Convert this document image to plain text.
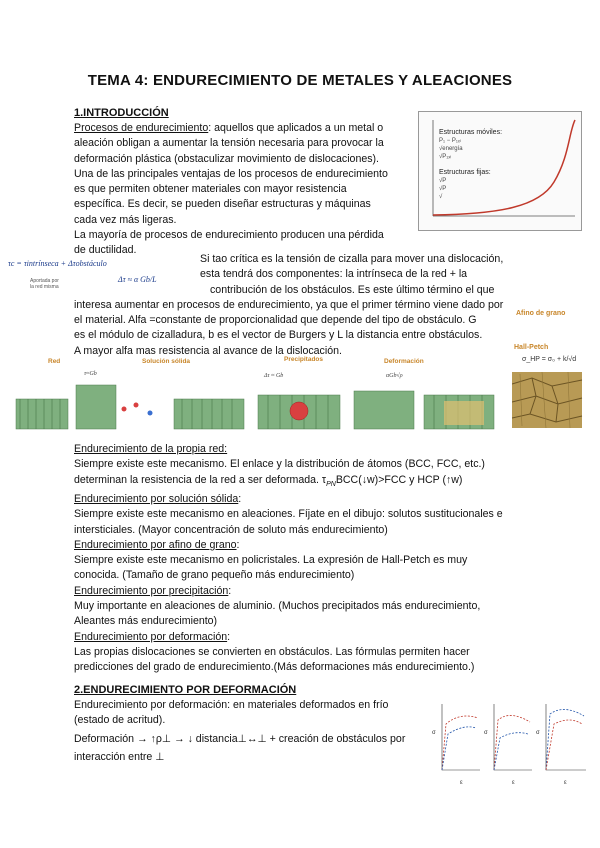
TEMA 4: ENDURECIMIENTO DE METALES Y ALEACIONES
1.INTRODUCCIÓN
Procesos de endurecimiento: aquellos que aplicados a un metal o
aleación obligan a aumentar la tensión necesaria para provocar la
deformación plástica (obstaculizar movimiento de dislocaciones).
Una de las principales ventajas de los procesos de endurecimiento
es que permiten obtener materiales con mayor resistencia
específica. Es decir, se pueden diseñar estructuras y máquinas
cada vez más ligeras.
La mayoría de procesos de endurecimiento producen una pérdida
de ductilidad.
Estructuras móviles:
P₁ − P₁ₓₗ
√energía
√P₁ₓₗ
Estructuras fijas:
√P
√P
√
τc = τintrínseca + Δτobstáculo
Δτ ≈ α Gb/L
Aportada por
la red misma
Si tao crítica es la tensión de cizalla para mover una dislocación,
esta tendrá dos componentes: la intrínseca de la red + la
contribución de los obstáculos. Es este último término el que
interesa aumentar en procesos de endurecimiento, ya que el primer término viene dado por
el material. Alfa =constante de proporcionalidad que depende del tipo de obstáculo. G
es el módulo de cizalladura, b es el vector de Burgers y L la distancia entre obstáculos.
A mayor alfa mas resistencia al avance de la dislocación.
Afino de grano
Hall-Petch
σ_HP = σ₀ + k/√d
Red	Solución sólida	Precipitados	Deformación
Δτ ≈ Gb	αGb√ρ
τ≈Gb
Endurecimiento de la propia red:
Siempre existe este mecanismo. El enlace y la distribución de átomos (BCC, FCC, etc.)
determinan la resistencia de la red a ser deformada. $\tau_{PN}BCC(↓w)>FCC$ y HCP (↑w)
Endurecimiento por solución sólida:
Siempre existe este mecanismo en aleaciones. Fíjate en el dibujo: solutos sustitucionales e
intersticiales. (Mayor concentración de soluto más endurecimiento)
Endurecimiento por afino de grano:
Siempre existe este mecanismo en policristales. La expresión de Hall-Petch es muy
conocida. (Tamaño de grano pequeño más endurecimiento)
Endurecimiento por precipitación:
Muy importante en aleaciones de aluminio. (Muchos precipitados más endurecimiento,
Aleantes más endurecimiento)
Endurecimiento por deformación:
Las propias dislocaciones se convierten en obstáculos. Las fórmulas permiten hacer
predicciones del grado de endurecimiento.(Más deformaciones más endurecimiento.)
2.ENDURECIMIENTO POR DEFORMACIÓN
Endurecimiento por deformación: en materiales deformados en frío
(estado de acritud).
Deformación → ↑ρ⊥ → ↓ distancia⊥↔⊥ + creación de obstáculos por
interacción entre ⊥
σ	σ	σ
ε	ε	ε
